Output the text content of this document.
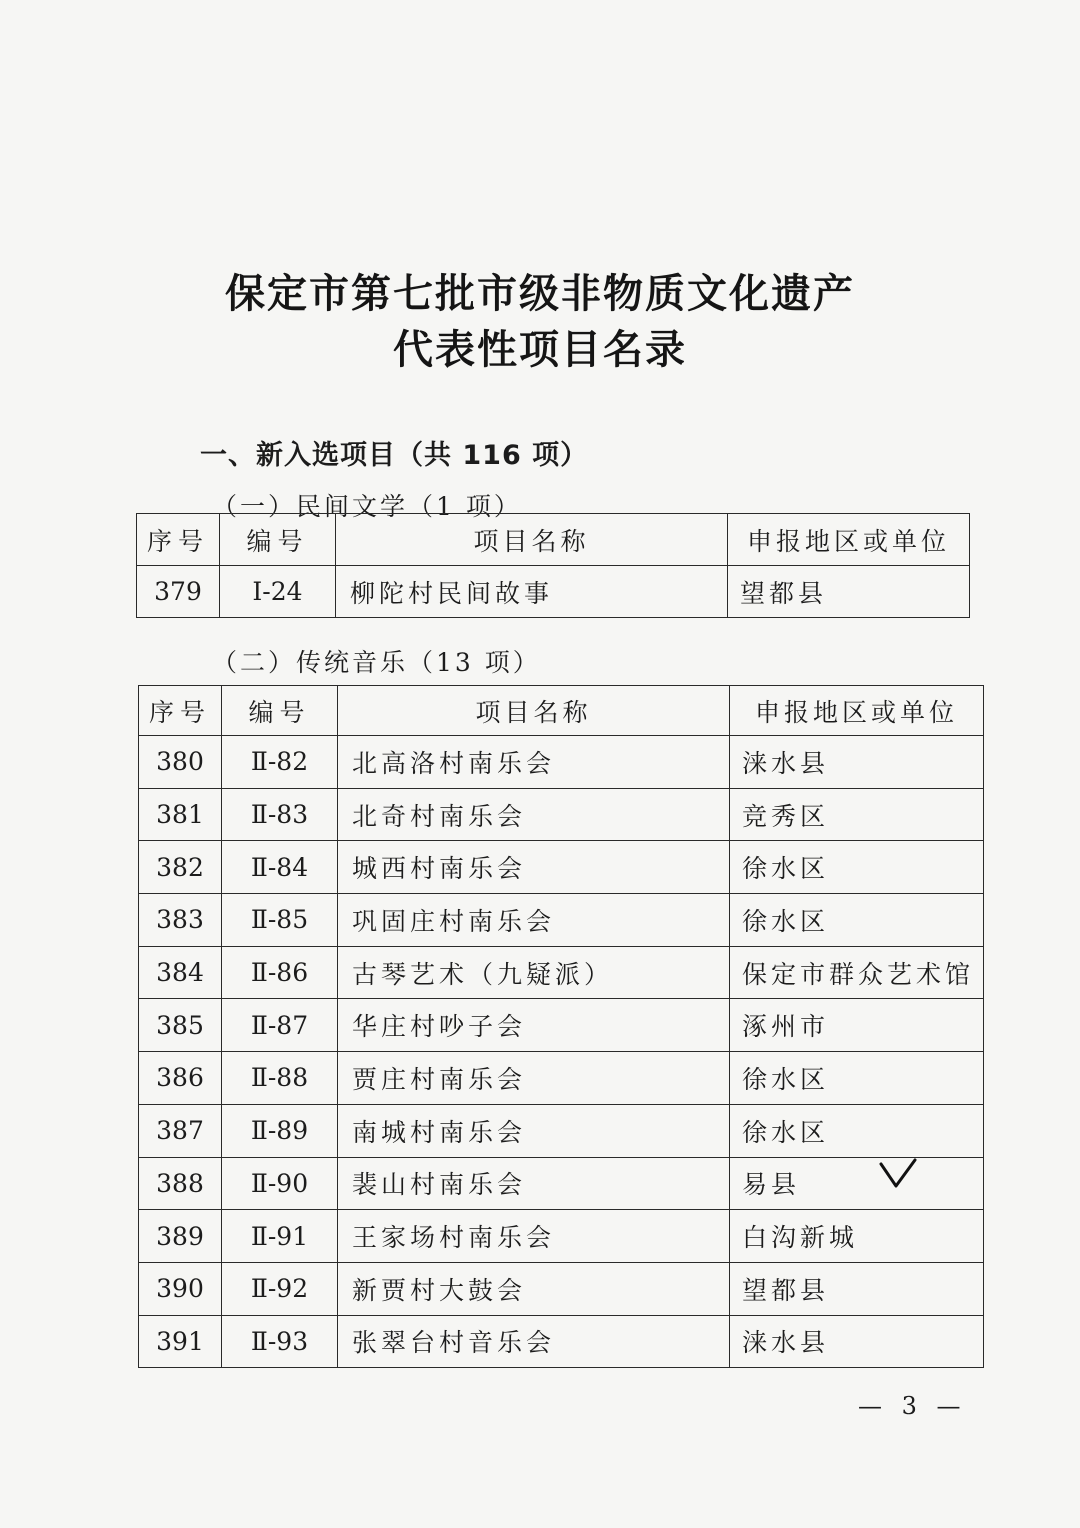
保定市第七批市级非物质文化遗产
代表性项目名录
一、新入选项目（共 116 项）
（一）民间文学（1 项）
序号	编号	项目名称	申报地区或单位
379	Ⅰ-24	柳陀村民间故事	望都县
（二）传统音乐（13 项）
序号	编号	项目名称	申报地区或单位
380	Ⅱ-82	北高洛村南乐会	涞水县
381	Ⅱ-83	北奇村南乐会	竞秀区
382	Ⅱ-84	城西村南乐会	徐水区
383	Ⅱ-85	巩固庄村南乐会	徐水区
384	Ⅱ-86	古琴艺术（九疑派）	保定市群众艺术馆
385	Ⅱ-87	华庄村吵子会	涿州市
386	Ⅱ-88	贾庄村南乐会	徐水区
387	Ⅱ-89	南城村南乐会	徐水区
388	Ⅱ-90	裴山村南乐会	易县
389	Ⅱ-91	王家场村南乐会	白沟新城
390	Ⅱ-92	新贾村大鼓会	望都县
391	Ⅱ-93	张翠台村音乐会	涞水县
— 3 —
